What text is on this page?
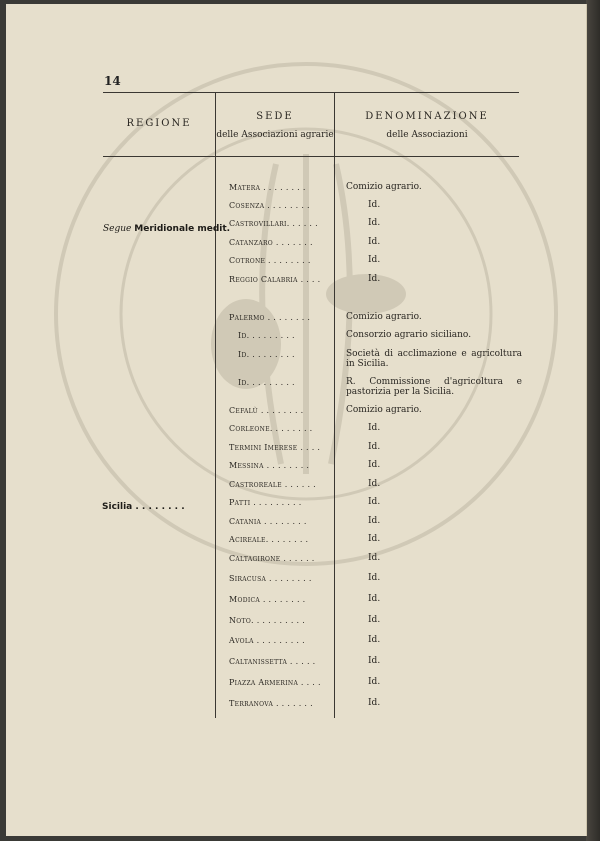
14
REGIONE
SEDE
delle Associazioni agrarie
DENOMINAZIONE
delle Associazioni
Segue Meridionale medit.
Sicilia . . . . . . . .
Matera . . . . . . . .	Comizio agrario.
Cosenza . . . . . . . .	Id.
Castrovillari. . . . . .	Id.
Catanzaro . . . . . . .	Id.
Cotrone . . . . . . . .	Id.
Reggio Calabria . . . .	Id.
Palermo . . . . . . . .	Comizio agrario.
Id. . . . . . . . .	Consorzio agrario siciliano.
Id. . . . . . . . .	Società di acclimazione e agricoltura in Sicilia.
Id. . . . . . . . .	R. Commissione d'agricoltura e pastorizia per la Sicilia.
Cefalù . . . . . . . .	Comizio agrario.
Corleone. . . . . . . .	Id.
Termini Imerese . . . .	Id.
Messina . . . . . . . .	Id.
Castroreale . . . . . .	Id.
Patti . . . . . . . . .	Id.
Catania . . . . . . . .	Id.
Acireale. . . . . . . .	Id.
Caltagirone . . . . . .	Id.
Siracusa . . . . . . . .	Id.
Modica . . . . . . . .	Id.
Noto. . . . . . . . . .	Id.
Avola . . . . . . . . .	Id.
Caltanissetta . . . . .	Id.
Piazza Armerina . . . .	Id.
Terranova . . . . . . .	Id.
